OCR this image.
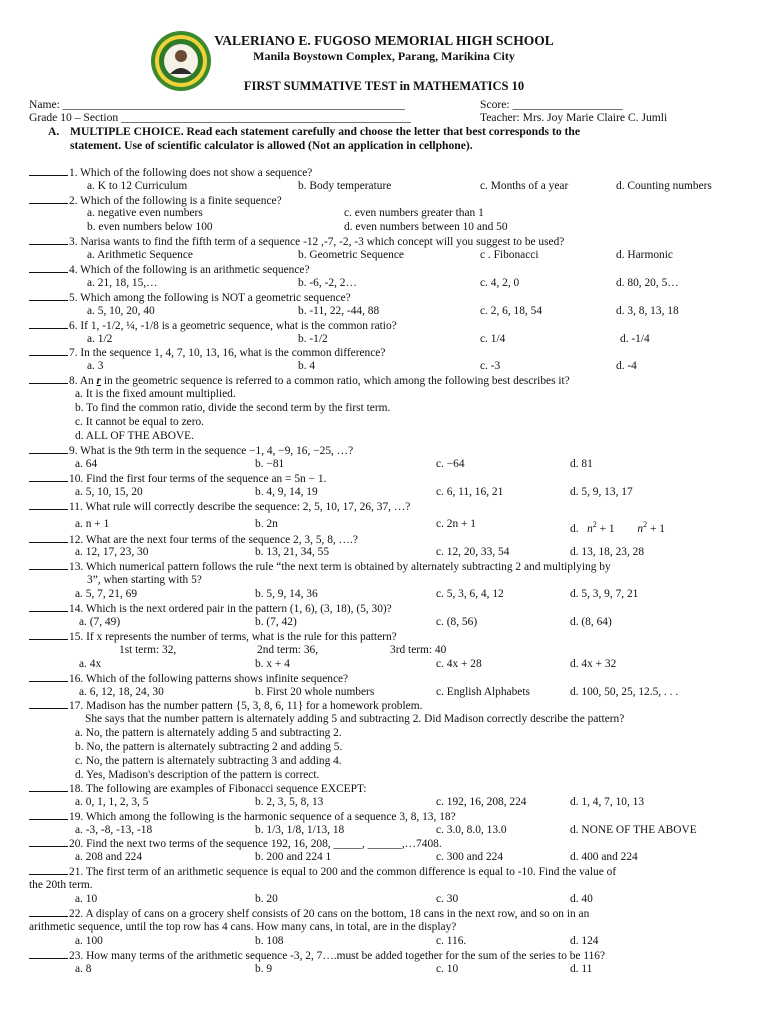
VALERIANO E. FUGOSO MEMORIAL HIGH SCHOOL
Manila Boystown Complex, Parang, Marikina City
FIRST SUMMATIVE TEST in MATHEMATICS 10
Name: ___________________________________________________________	Score: ___________________
Grade 10 – Section __________________________________________________	Teacher: Mrs. Joy Marie Claire C. Jumli
A. MULTIPLE CHOICE. Read each statement carefully and choose the letter that best corresponds to the
statement. Use of scientific calculator is allowed (Not an application in cellphone).
1. Which of the following does not show a sequence?
a. K to 12 Curriculum	b. Body temperature	c. Months of a year	d. Counting numbers
2. Which of the following is a finite sequence?
a. negative even numbers	c. even numbers greater than 1
b. even numbers below 100	d. even numbers between 10 and 50
3. Narisa wants to find the fifth term of a sequence -12 ,-7, -2, -3 which concept will you suggest to be used?
a. Arithmetic Sequence	b. Geometric Sequence	c . Fibonacci	d. Harmonic
4. Which of the following is an arithmetic sequence?
a. 21, 18, 15,…	b. -6, -2, 2…	c. 4, 2, 0	d. 80, 20, 5…
5. Which among the following is NOT a geometric sequence?
a. 5, 10, 20, 40	b. -11, 22, -44, 88	c. 2, 6, 18, 54	d. 3, 8, 13, 18
6. If 1, -1/2, ¼, -1/8 is a geometric sequence, what is the common ratio?
a. 1/2	b. -1/2	c. 1/4	d. -1/4
7. In the sequence 1, 4, 7, 10, 13, 16, what is the common difference?
a. 3	b. 4	c. -3	d. -4
8. An r in the geometric sequence is referred to a common ratio, which among the following best describes it?
a. It is the fixed amount multiplied.
b. To find the common ratio, divide the second term by the first term.
c. It cannot be equal to zero.
d. ALL OF THE ABOVE.
9. What is the 9th term in the sequence −1, 4, −9, 16, −25, …?
a. 64	b. −81	c. −64	d. 81
10. Find the first four terms of the sequence an = 5n − 1.
a. 5, 10, 15, 20	b. 4, 9, 14, 19	c. 6, 11, 16, 21	d. 5, 9, 13, 17
11. What rule will correctly describe the sequence: 2, 5, 10, 17, 26, 37, …?
a. n + 1	b. 2n	c. 2n + 1	d. $n^2 + 1$ $n^2 + 1$
12. What are the next four terms of the sequence 2, 3, 5, 8, ….?
a. 12, 17, 23, 30	b. 13, 21, 34, 55	c. 12, 20, 33, 54	d. 13, 18, 23, 28
13. Which numerical pattern follows the rule “the next term is obtained by alternately subtracting 2 and multiplying by
3”, when starting with 5?
a. 5, 7, 21, 69	b. 5, 9, 14, 36	c. 5, 3, 6, 4, 12	d. 5, 3, 9, 7, 21
14. Which is the next ordered pair in the pattern (1, 6), (3, 18), (5, 30)?
a. (7, 49)	b. (7, 42)	c. (8, 56)	d. (8, 64)
15. If x represents the number of terms, what is the rule for this pattern?
1st term: 32,	2nd term: 36,	3rd term: 40
a. 4x	b. x + 4	c. 4x + 28	d. 4x + 32
16. Which of the following patterns shows infinite sequence?
a. 6, 12, 18, 24, 30	b. First 20 whole numbers	c. English Alphabets	d. 100, 50, 25, 12.5, . . .
17. Madison has the number pattern {5, 3, 8, 6, 11} for a homework problem.
She says that the number pattern is alternately adding 5 and subtracting 2. Did Madison correctly describe the pattern?
a. No, the pattern is alternately adding 5 and subtracting 2.
b. No, the pattern is alternately subtracting 2 and adding 5.
c. No, the pattern is alternately subtracting 3 and adding 4.
d. Yes, Madison's description of the pattern is correct.
18. The following are examples of Fibonacci sequence EXCEPT:
a. 0, 1, 1, 2, 3, 5	b. 2, 3, 5, 8, 13	c. 192, 16, 208, 224	d. 1, 4, 7, 10, 13
19. Which among the following is the harmonic sequence of a sequence 3, 8, 13, 18?
a. -3, -8, -13, -18	b. 1/3, 1/8, 1/13, 18	c. 3.0, 8.0, 13.0	d. NONE OF THE ABOVE
20. Find the next two terms of the sequence 192, 16, 208, _____, ______,…7408.
a. 208 and 224	b. 200 and 224 1	c. 300 and 224	d. 400 and 224
21. The first term of an arithmetic sequence is equal to 200 and the common difference is equal to -10. Find the value of
the 20th term.
a. 10	b. 20	c. 30	d. 40
22. A display of cans on a grocery shelf consists of 20 cans on the bottom, 18 cans in the next row, and so on in an
arithmetic sequence, until the top row has 4 cans. How many cans, in total, are in the display?
a. 100	b. 108	c. 116.	d. 124
23. How many terms of the arithmetic sequence -3, 2, 7….must be added together for the sum of the series to be 116?
a. 8	b. 9	c. 10	d. 11
